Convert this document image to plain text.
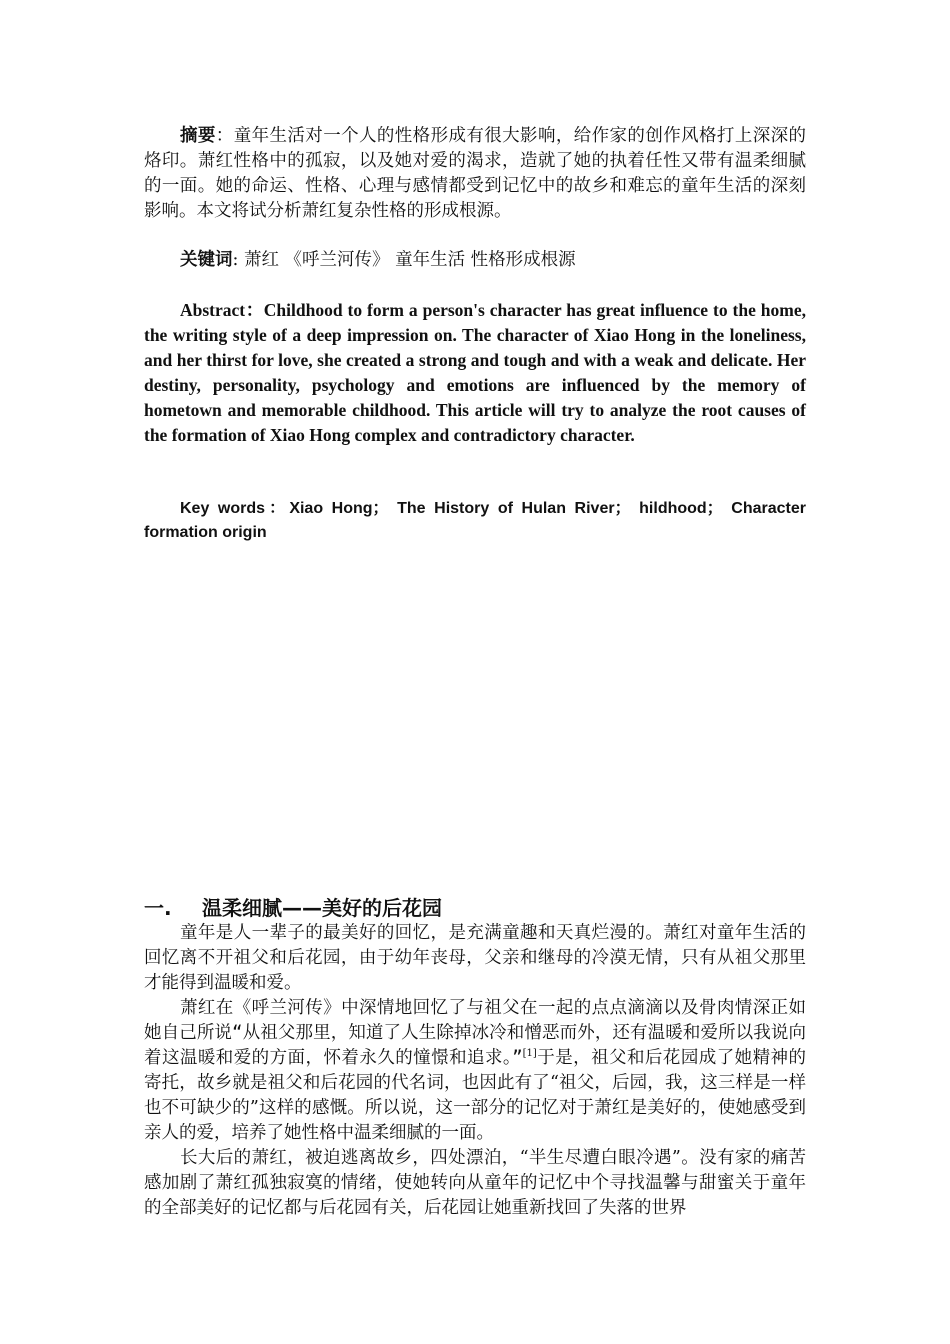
摘要：童年生活对一个人的性格形成有很大影响，给作家的创作风格打上深深的烙印。萧红性格中的孤寂，以及她对爱的渴求，造就了她的执着任性又带有温柔细腻的一面。她的命运、性格、心理与感情都受到记忆中的故乡和难忘的童年生活的深刻影响。本文将试分析萧红复杂性格的形成根源。
关键词: 萧红 《呼兰河传》 童年生活 性格形成根源
Abstract：Childhood to form a person's character has great influence to the home, the writing style of a deep impression on. The character of Xiao Hong in the loneliness, and her thirst for love, she created a strong and tough and with a weak and delicate. Her destiny, personality, psychology and emotions are influenced by the memory of hometown and memorable childhood. This article will try to analyze the root causes of the formation of Xiao Hong complex and contradictory character.
Key words：Xiao Hong； The History of Hulan River； hildhood； Character formation origin
一. 温柔细腻——美好的后花园

童年是人一辈子的最美好的回忆，是充满童趣和天真烂漫的。萧红对童年生活的回忆离不开祖父和后花园，由于幼年丧母，父亲和继母的冷漠无情，只有从祖父那里才能得到温暖和爱。

萧红在《呼兰河传》中深情地回忆了与祖父在一起的点点滴滴以及骨肉情深正如她自己所说“从祖父那里，知道了人生除掉冰冷和憎恶而外，还有温暖和爱所以我说向着这温暖和爱的方面，怀着永久的憧憬和追求。”[1]于是，祖父和后花园成了她精神的寄托，故乡就是祖父和后花园的代名词，也因此有了“祖父，后园，我，这三样是一样也不可缺少的”这样的感慨。所以说，这一部分的记忆对于萧红是美好的，使她感受到亲人的爱，培养了她性格中温柔细腻的一面。

长大后的萧红，被迫逃离故乡，四处漂泊，“半生尽遭白眼冷遇”。没有家的痛苦感加剧了萧红孤独寂寞的情绪，使她转向从童年的记忆中个寻找温馨与甜蜜关于童年的全部美好的记忆都与后花园有关，后花园让她重新找回了失落的世界
